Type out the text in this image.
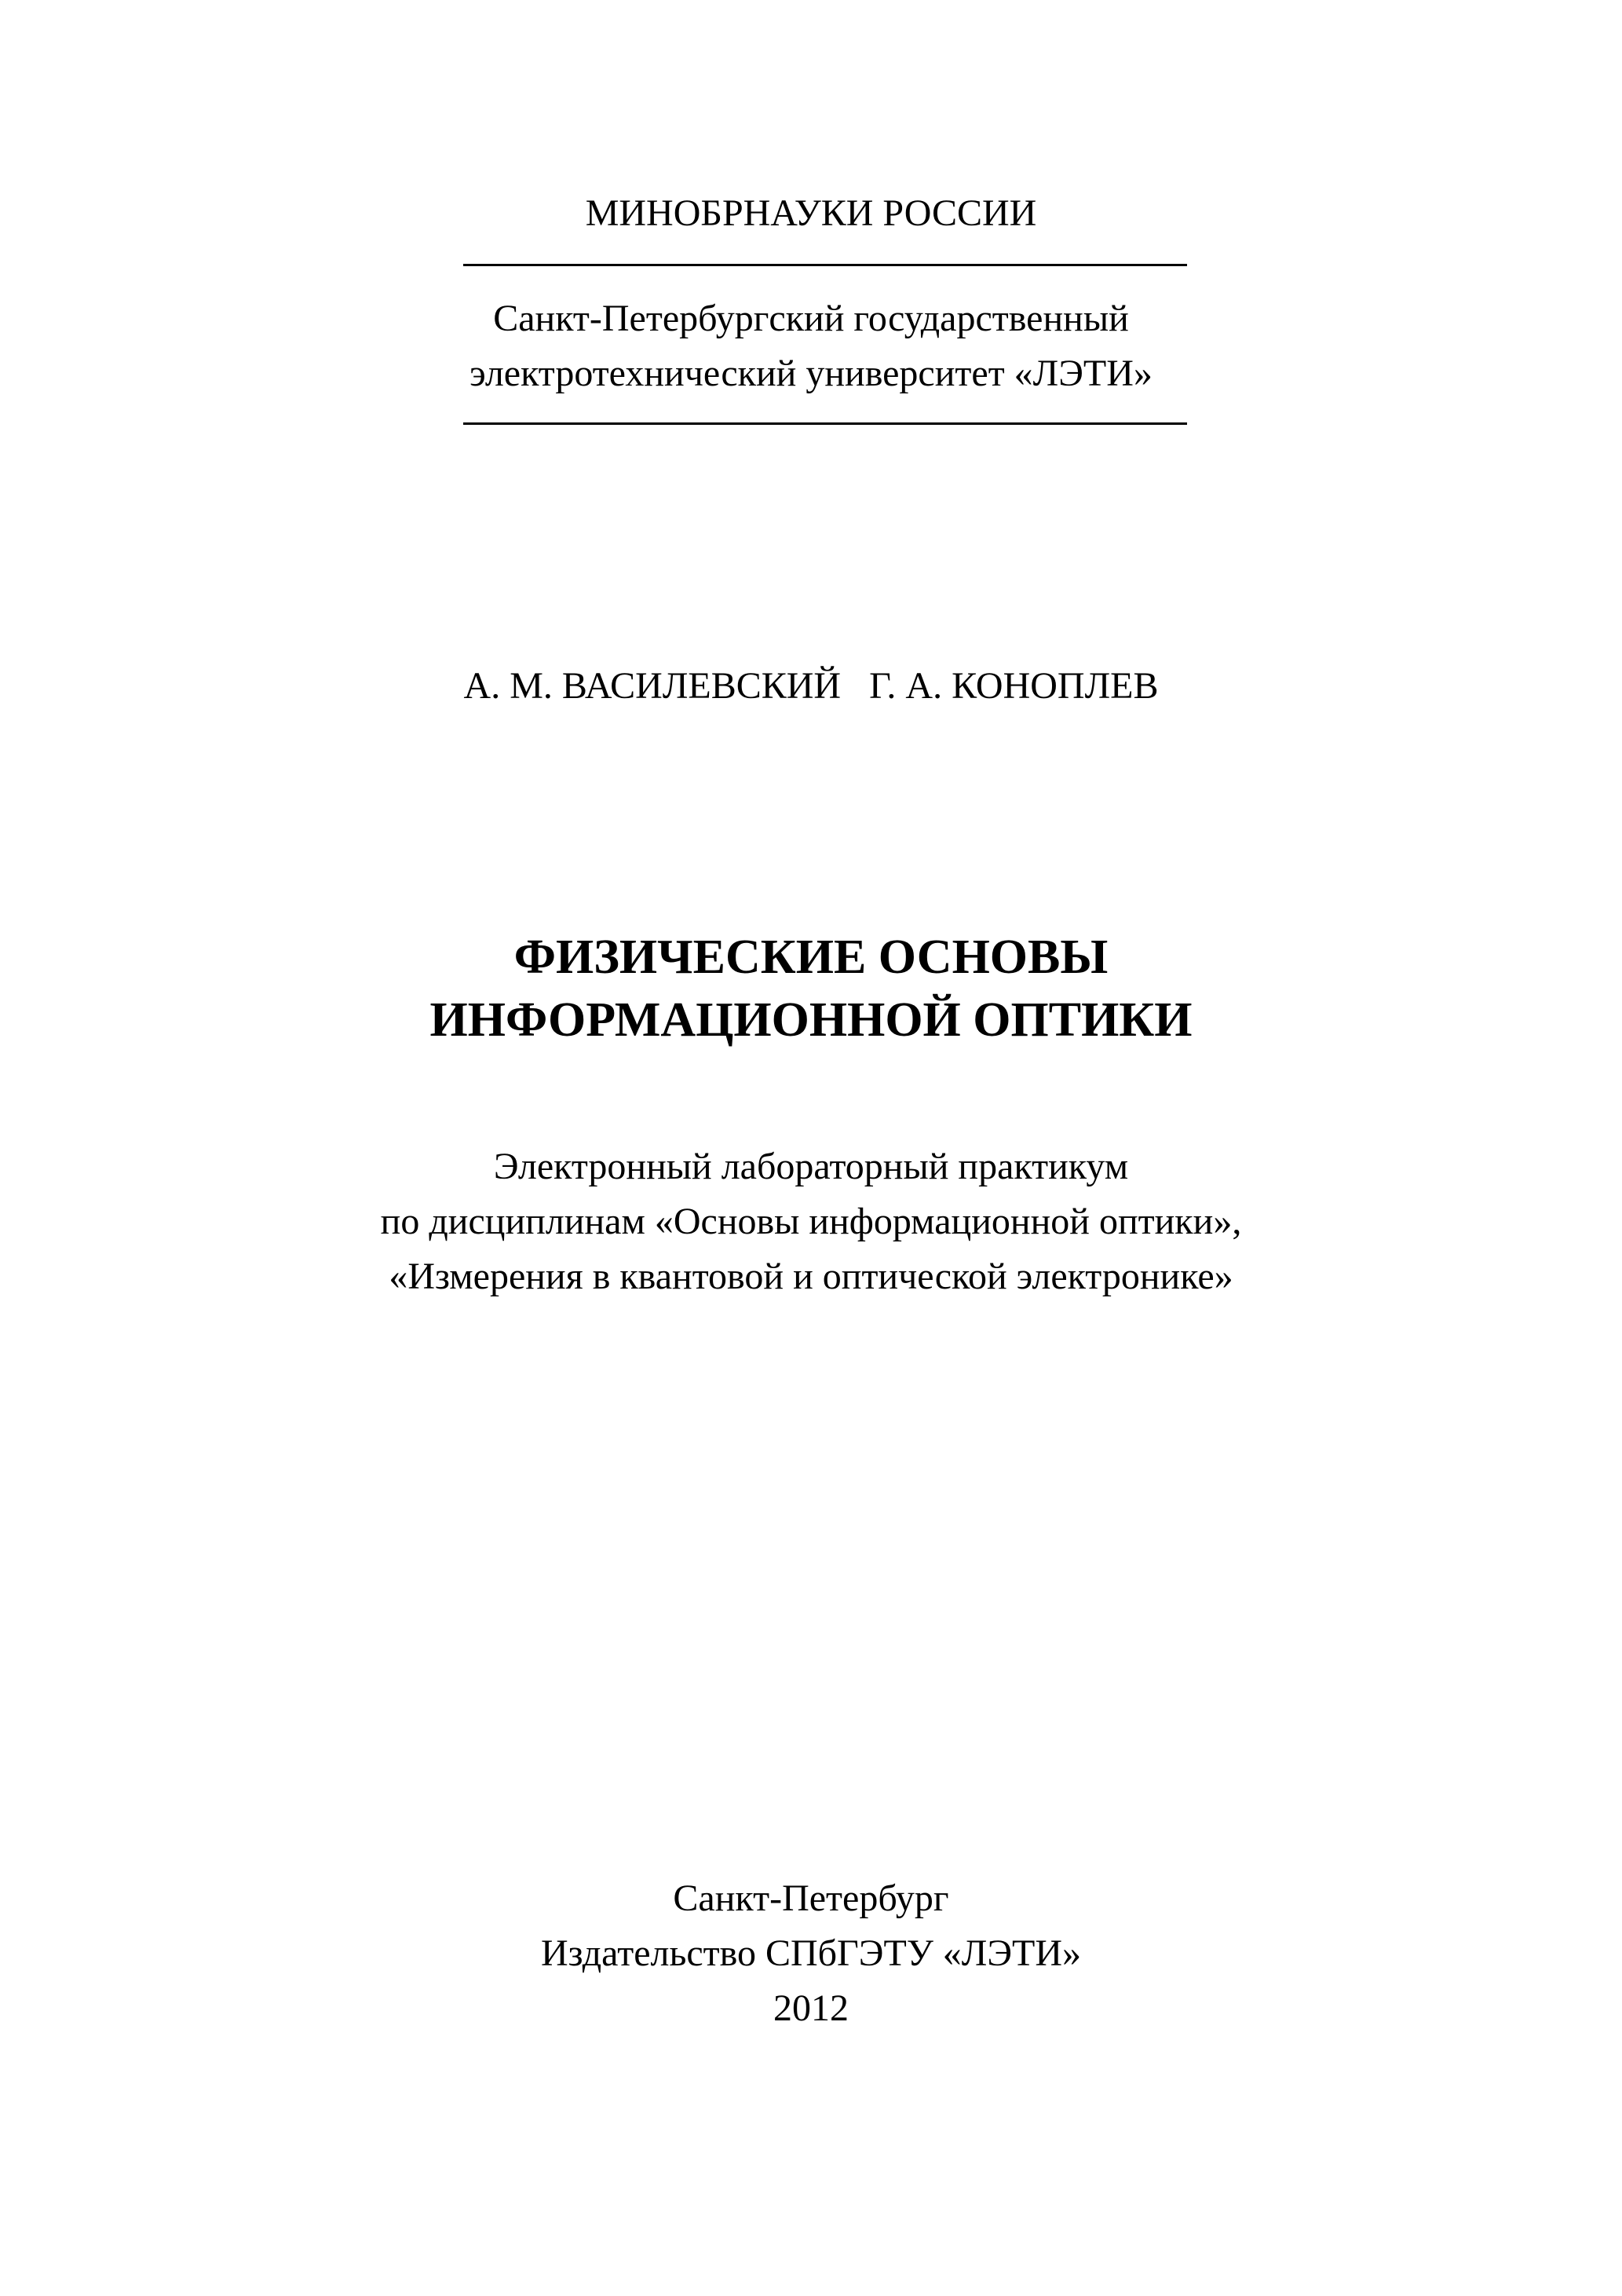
МИНОБРНАУКИ РОССИИ
Санкт-Петербургский государственный
электротехнический университет «ЛЭТИ»
А. М. ВАСИЛЕВСКИЙ   Г. А. КОНОПЛЕВ
ФИЗИЧЕСКИЕ ОСНОВЫ
ИНФОРМАЦИОННОЙ ОПТИКИ
Электронный лабораторный практикум
по дисциплинам «Основы информационной оптики»,
«Измерения в квантовой и оптической электронике»
Санкт-Петербург
Издательство СПбГЭТУ «ЛЭТИ»
2012
